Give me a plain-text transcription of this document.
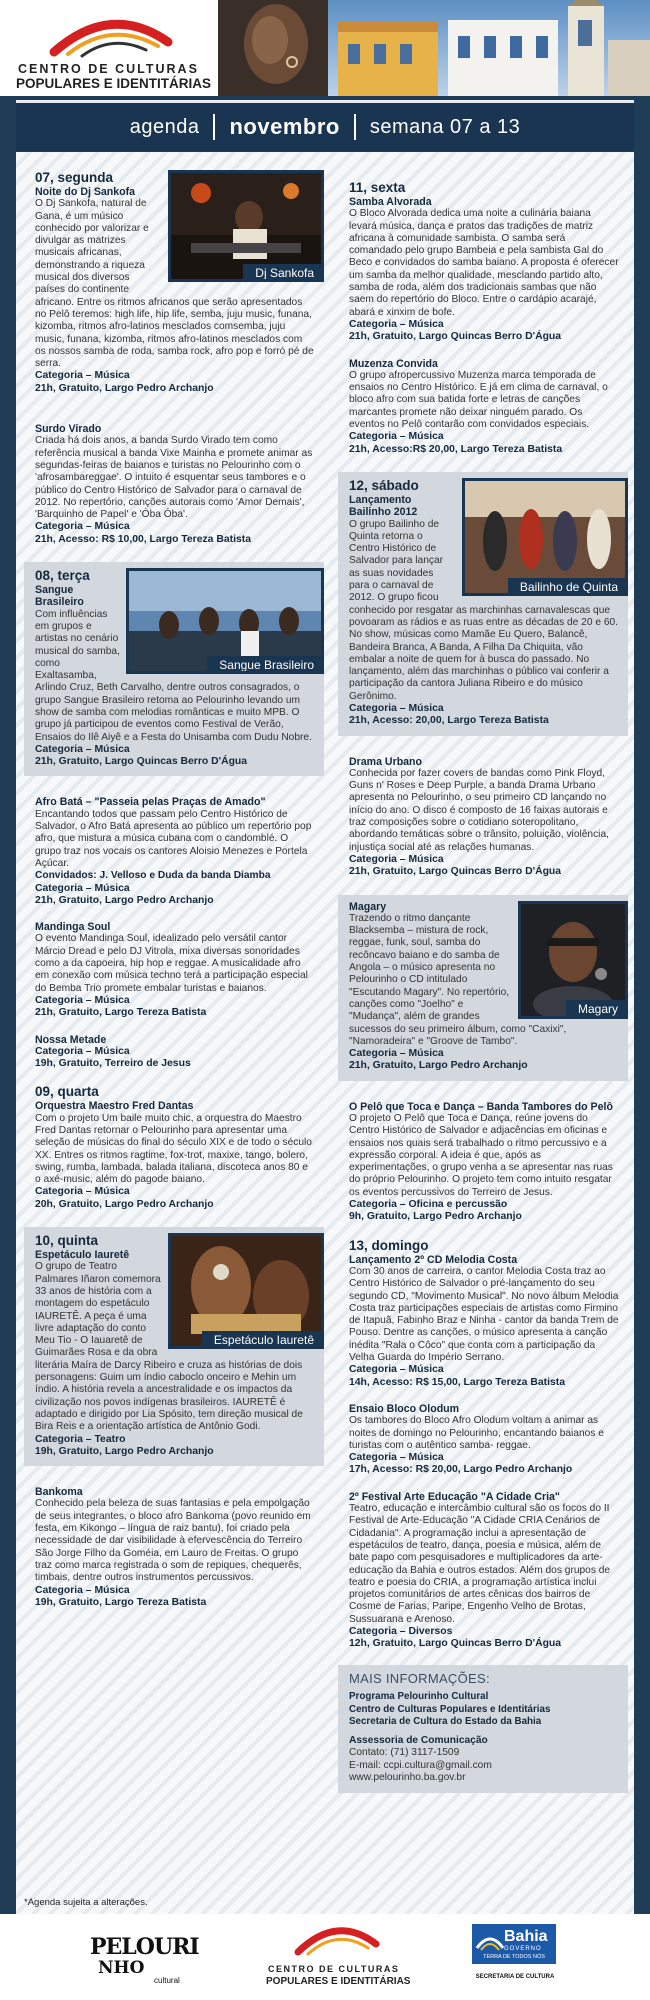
CENTRO DE CULTURAS
POPULARES E IDENTITÁRIAS
agenda novembro semana 07 a 13
Dj Sankofa
07, segunda
Noite do Dj Sankofa
O Dj Sankofa, natural de Gana, é um músico conhecido por valorizar e divulgar as matrizes musicais africanas, demonstrando a riqueza musical dos diversos países do continente africano. Entre os ritmos africanos que serão apresentados no Pelô teremos: high life, hip life, semba, juju music, funana, kizomba, ritmos afro-latinos mesclados comsemba, juju music, funana, kizomba, ritmos afro-latinos mesclados com os nossos samba de roda, samba rock, afro pop e forró pé de serra.
Categoria – Música
21h, Gratuito, Largo Pedro Archanjo
Surdo Virado
Criada há dois anos, a banda Surdo Virado tem como referência musical a banda Vixe Mainha e promete animar as segundas-feiras de baianos e turistas no Pelourinho com o 'afrosambareggae'. O intuito é esquentar seus tambores e o público do Centro Histórico de Salvador para o carnaval de 2012. No repertório, canções autorais como 'Amor Demais', 'Barquinho de Papel' e 'Óba Óba'.
Categoria – Música
21h, Acesso: R$ 10,00, Largo Tereza Batista
Sangue Brasileiro
08, terça
Sangue Brasileiro
Com influências em grupos e artistas no cenário musical do samba, como Exaltasamba, Arlindo Cruz, Beth Carvalho, dentre outros consagrados, o grupo Sangue Brasileiro retoma ao Pelourinho levando um show de samba com melodias românticas e muito MPB. O grupo já participou de eventos como Festival de Verão, Ensaios do Ilê Aiyê e a Festa do Unisamba com Dudu Nobre.
Categoria – Música
21h, Gratuito, Largo Quincas Berro D'Água
Afro Batá – "Passeia pelas Praças de Amado"
Encantando todos que passam pelo Centro Histórico de Salvador, o Afro Batá apresenta ao público um repertório pop afro, que mistura a música cubana com o candomblé. O grupo traz nos vocais os cantores Aloisio Menezes e Portela Açúcar.
Convidados: J. Velloso e Duda da banda Diamba
Categoria – Música
21h, Gratuito, Largo Pedro Archanjo
Mandinga Soul
O evento Mandinga Soul, idealizado pelo versátil cantor Márcio Dread e pelo DJ Vitrola, mixa diversas sonoridades como a da capoeira, hip hop e reggae. A musicalidade afro em conexão com música techno terá a participação especial do Bemba Trio promete embalar turistas e baianos.
Categoria – Música
21h, Gratuito, Largo Tereza Batista
Nossa Metade
Categoria – Música
19h, Gratuito, Terreiro de Jesus
09, quarta
Orquestra Maestro Fred Dantas
Com o projeto Um baile muito chic, a orquestra do Maestro Fred Dantas retornar o Pelourinho para apresentar uma seleção de músicas do final do século XIX e de todo o século XX. Entres os ritmos ragtime, fox-trot, maxixe, tango, bolero, swing, rumba, lambada, balada italiana, discoteca anos 80 e o axé-music, além do pagode baiano.
Categoria – Música
20h, Gratuito, Largo Pedro Archanjo
Espetáculo Iauretê
10, quinta
Espetáculo Iauretê
O grupo de Teatro Palmares Iñaron comemora 33 anos de história com a montagem do espetáculo IAURETÊ. A peça é uma livre adaptação do conto Meu Tio - O Iauaretê de Guimarães Rosa e da obra literária Maíra de Darcy Ribeiro e cruza as histórias de dois personagens: Guim um índio caboclo onceiro e Mehin um índio. A história revela a ancestralidade e os impactos da civilização nos povos indígenas brasileiros. IAURETÊ é adaptado e dirigido por Lia Spósito, tem direção musical de Bira Reis e a orientação artística de Antônio Godi.
Categoria – Teatro
19h, Gratuito, Largo Pedro Archanjo
Bankoma
Conhecido pela beleza de suas fantasias e pela empolgação de seus integrantes, o bloco afro Bankoma (povo reunido em festa, em Kikongo – língua de raiz bantu), foi criado pela necessidade de dar visibilidade à efervescência do Terreiro São Jorge Filho da Goméia, em Lauro de Freitas. O grupo traz como marca registrada o som de repiques, chequerês, timbais, dentre outros instrumentos percussivos.
Categoria – Música
19h, Gratuito, Largo Tereza Batista
11, sexta
Samba Alvorada
O Bloco Alvorada dedica uma noite a culinária baiana levará música, dança e pratos das tradições de matriz africana à comunidade sambista. O samba será comandado pelo grupo Bambeia e pela sambista Gal do Beco e convidados do samba baiano. A proposta é oferecer um samba da melhor qualidade, mesclando partido alto, samba de roda, além dos tradicionais sambas que não saem do repertório do Bloco. Entre o cardápio acarajé, abará e xinxim de bofe.
Categoria – Música
21h, Gratuito, Largo Quincas Berro D'Água
Muzenza Convida
O grupo afropercussivo Muzenza marca temporada de ensaios no Centro Histórico. E já em clima de carnaval, o bloco afro com sua batida forte e letras de canções marcantes promete não deixar ninguém parado. Os eventos no Pelô contarão com convidados especiais.
Categoria – Música
21h, Acesso:R$ 20,00, Largo Tereza Batista
Bailinho de Quinta
12, sábado
Lançamento Bailinho 2012
O grupo Bailinho de Quinta retorna o Centro Histórico de Salvador para lançar as suas novidades para o carnaval de 2012. O grupo ficou conhecido por resgatar as marchinhas carnavalescas que povoaram as rádios e as ruas entre as décadas de 20 e 60. No show, músicas como Mamãe Eu Quero, Balancê, Bandeira Branca, A Banda, A Filha Da Chiquita, vão embalar a noite de quem for à busca do passado. No lançamento, além das marchinhas o público vai conferir a participação da cantora Juliana Ribeiro e do músico Gerônimo.
Categoria – Música
21h, Acesso: 20,00, Largo Tereza Batista
Drama Urbano
Conhecida por fazer covers de bandas como Pink Floyd, Guns n' Roses e Deep Purple, a banda Drama Urbano apresenta no Pelourinho, o seu primeiro CD lançando no início do ano. O disco é composto de 16 faixas autorais e traz composições sobre o cotidiano soteropolitano, abordando temáticas sobre o trânsito, poluição, violência, injustiça social até as relações humanas.
Categoria – Música
21h, Gratuito, Largo Quincas Berro D'Água
Magary
Magary
Trazendo o ritmo dançante Blacksemba – mistura de rock, reggae, funk, soul, samba do recôncavo baiano e do samba de Angola – o músico apresenta no Pelourinho o CD intitulado "Escutando Magary". No repertório, canções como "Joelho" e "Mudança", além de grandes sucessos do seu primeiro álbum, como "Caxixi", "Namoradeira" e "Groove de Tambo".
Categoria – Música
21h, Gratuito, Largo Pedro Archanjo
O Pelô que Toca e Dança – Banda Tambores do Pelô
O projeto O Pelô que Toca e Dança, reúne jovens do Centro Histórico de Salvador e adjacências em oficinas e ensaios nos quais será trabalhado o ritmo percussivo e a expressão corporal. A ideia é que, após as experimentações, o grupo venha a se apresentar nas ruas do próprio Pelourinho. O projeto tem como intuito resgatar os eventos percussivos do Terreiro de Jesus.
Categoria – Oficina e percussão
9h, Gratuito, Largo Pedro Archanjo
13, domingo
Lançamento 2º CD Melodia Costa
Com 30 anos de carreira, o cantor Melodia Costa traz ao Centro Histórico de Salvador o pré-lançamento do seu segundo CD, "Movimento Musical". No novo álbum Melodia Costa traz participações especiais de artistas como Firmino de Itapuã, Fabinho Braz e Ninha - cantor da banda Trem de Pouso. Dentre as canções, o músico apresenta a canção inédita "Rala o Côco" que conta com a participação da Velha Guarda do Império Serrano.
Categoria – Música
14h, Acesso: R$ 15,00, Largo Tereza Batista
Ensaio Bloco Olodum
Os tambores do Bloco Afro Olodum voltam a animar as noites de domingo no Pelourinho, encantando baianos e turistas com o autêntico samba- reggae.
Categoria – Música
17h, Acesso: R$ 20,00, Largo Pedro Archanjo
2º Festival Arte Educação "A Cidade Cria"
Teatro, educação e intercâmbio cultural são os focos do II Festival de Arte-Educação "A Cidade CRIA Cenários de Cidadania". A programação inclui a apresentação de espetáculos de teatro, dança, poesia e música, além de bate papo com pesquisadores e multiplicadores da arte-educação da Bahia e outros estados. Além dos grupos de teatro e poesia do CRIA, a programação artística inclui projetos comunitários de artes cênicas dos bairros de Cosme de Farias, Paripe, Engenho Velho de Brotas, Sussuarana e Arenoso.
Categoria – Diversos
12h, Gratuito, Largo Quincas Berro D'Água
MAIS INFORMAÇÕES:
Programa Pelourinho Cultural
Centro de Culturas Populares e Identitárias
Secretaria de Cultura do Estado da Bahia
Assessoria de Comunicação
Contato: (71) 3117-1509
E-mail: ccpi.cultura@gmail.com
www.pelourinho.ba.gov.br
*Agenda sujeita a alterações.
PELOURI
NHO
cultural
CENTRO DE CULTURAS
POPULARES E IDENTITÁRIAS
Bahia
GOVERNO
TERRA DE TODOS NÓS
SECRETARIA DE CULTURA
